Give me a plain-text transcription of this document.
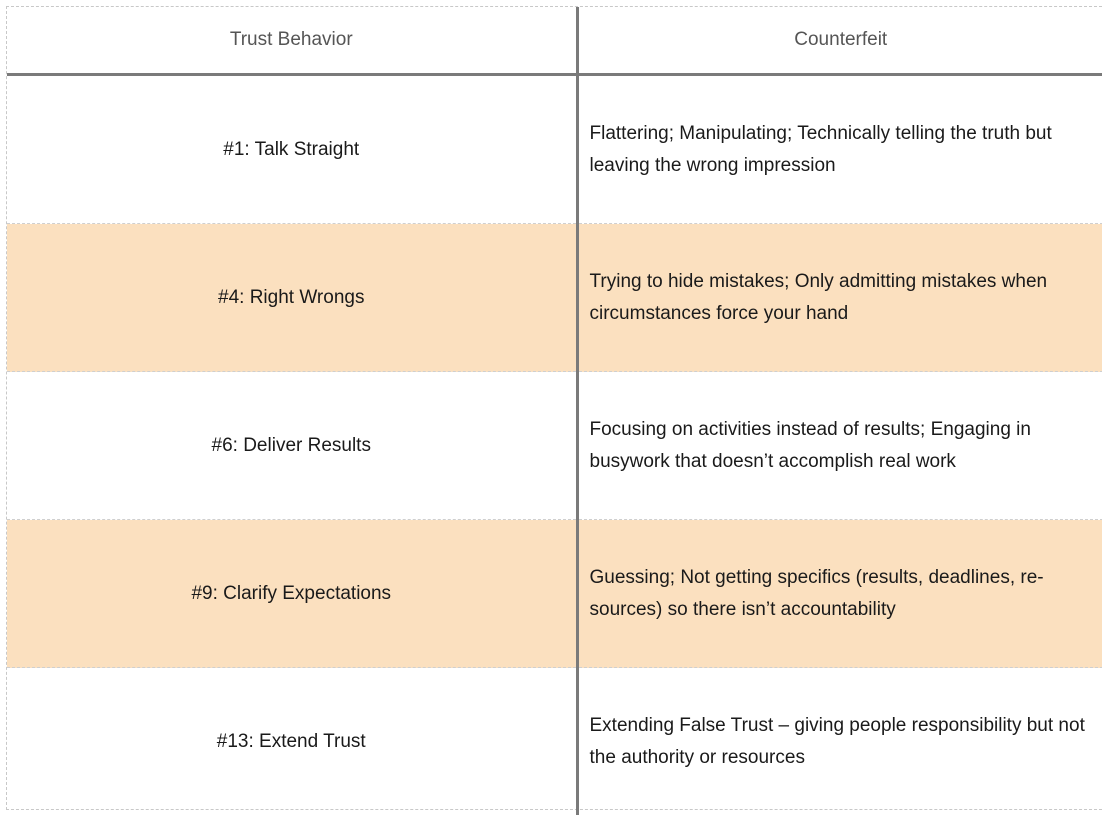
Trust Behavior	Counterfeit
#1: Talk Straight	Flattering; Manipulating; Technically telling the truth but leaving the wrong impression
#4: Right Wrongs	Trying to hide mistakes; Only admitting mistakes when circumstances force your hand
#6: Deliver Results	Focusing on activities instead of results; Engaging in busywork that doesn’t accomplish real work
#9: Clarify Expectations	Guessing; Not getting specifics (results, deadlines, re-sources) so there isn’t accountability
#13: Extend Trust	Extending False Trust – giving people responsibility but not the authority or resources
